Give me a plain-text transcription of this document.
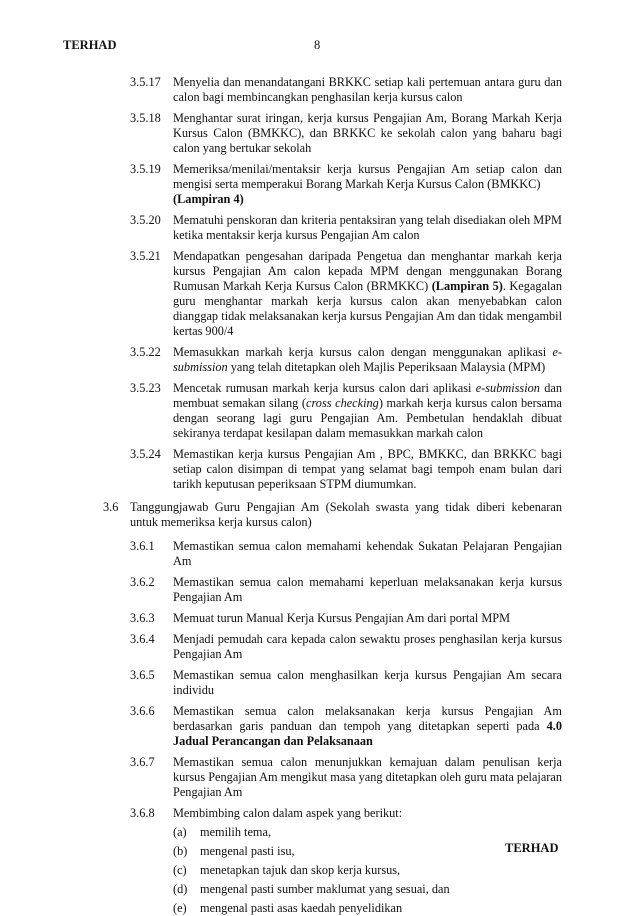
TERHAD	8
3.5.17 Menyelia dan menandatangani BRKKC setiap kali pertemuan antara guru dan calon bagi membincangkan penghasilan kerja kursus calon
3.5.18 Menghantar surat iringan, kerja kursus Pengajian Am, Borang Markah Kerja Kursus Calon (BMKKC), dan BRKKC ke sekolah calon yang baharu bagi calon yang bertukar sekolah
3.5.19 Memeriksa/menilai/mentaksir kerja kursus Pengajian Am setiap calon dan mengisi serta memperakui Borang Markah Kerja Kursus Calon (BMKKC)
(Lampiran 4)
3.5.20 Mematuhi penskoran dan kriteria pentaksiran yang telah disediakan oleh MPM ketika mentaksir kerja kursus Pengajian Am calon
3.5.21 Mendapatkan pengesahan daripada Pengetua dan menghantar markah kerja kursus Pengajian Am calon kepada MPM dengan menggunakan Borang Rumusan Markah Kerja Kursus Calon (BRMKKC) (Lampiran 5). Kegagalan guru menghantar markah kerja kursus calon akan menyebabkan calon dianggap tidak melaksanakan kerja kursus Pengajian Am dan tidak mengambil kertas 900/4
3.5.22 Memasukkan markah kerja kursus calon dengan menggunakan aplikasi e-submission yang telah ditetapkan oleh Majlis Peperiksaan Malaysia (MPM)
3.5.23 Mencetak rumusan markah kerja kursus calon dari aplikasi e-submission dan membuat semakan silang (cross checking) markah kerja kursus calon bersama dengan seorang lagi guru Pengajian Am. Pembetulan hendaklah dibuat sekiranya terdapat kesilapan dalam memasukkan markah calon
3.5.24 Memastikan kerja kursus Pengajian Am , BPC, BMKKC, dan BRKKC bagi setiap calon disimpan di tempat yang selamat bagi tempoh enam bulan dari tarikh keputusan peperiksaan STPM diumumkan.
3.6 Tanggungjawab Guru Pengajian Am (Sekolah swasta yang tidak diberi kebenaran untuk memeriksa kerja kursus calon)
3.6.1 Memastikan semua calon memahami kehendak Sukatan Pelajaran Pengajian Am
3.6.2 Memastikan semua calon memahami keperluan melaksanakan kerja kursus Pengajian Am
3.6.3 Memuat turun Manual Kerja Kursus Pengajian Am dari portal MPM
3.6.4 Menjadi pemudah cara kepada calon sewaktu proses penghasilan kerja kursus Pengajian Am
3.6.5 Memastikan semua calon menghasilkan kerja kursus Pengajian Am secara individu
3.6.6 Memastikan semua calon melaksanakan kerja kursus Pengajian Am berdasarkan garis panduan dan tempoh yang ditetapkan seperti pada 4.0 Jadual Perancangan dan Pelaksanaan
3.6.7 Memastikan semua calon menunjukkan kemajuan dalam penulisan kerja kursus Pengajian Am mengikut masa yang ditetapkan oleh guru mata pelajaran Pengajian Am
3.6.8 Membimbing calon dalam aspek yang berikut:
(a) memilih tema,
(b) mengenal pasti isu,
(c) menetapkan tajuk dan skop kerja kursus,
(d) mengenal pasti sumber maklumat yang sesuai, dan
(e) mengenal pasti asas kaedah penyelidikan
TERHAD
